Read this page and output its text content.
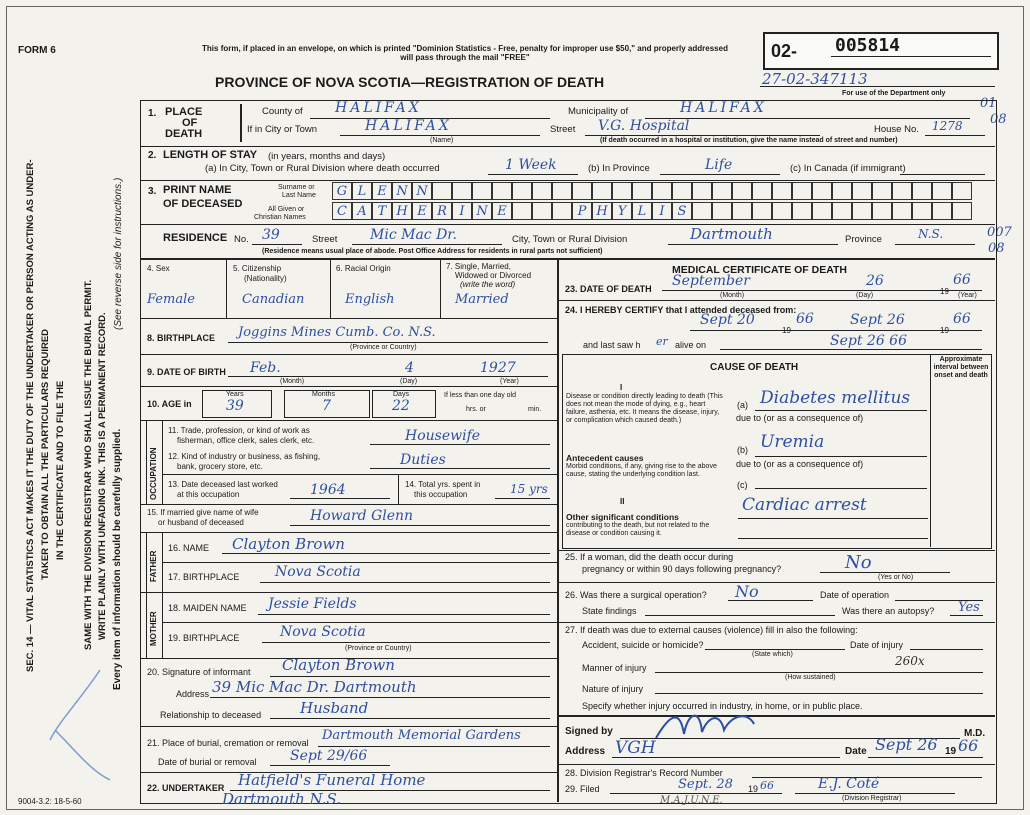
FORM 6	This form, if placed in an envelope, on which is printed "Dominion Statistics - Free, penalty for improper use $50," and properly addressed will pass through the mail "FREE"
PROVINCE OF NOVA SCOTIA—REGISTRATION OF DEATH
02- 005814
27-02-347113
For use of the Department only
01
08
007
08
SEC. 14 — VITAL STATISTICS ACT MAKES IT THE DUTY OF THE UNDERTAKER OR PERSON ACTING AS UNDER- TAKER TO OBTAIN ALL THE PARTICULARS REQUIRED IN THE CERTIFICATE AND TO FILE THE SAME WITH THE DIVISION REGISTRAR WHO SHALL ISSUE THE BURIAL PERMIT. WRITE PLAINLY WITH UNFADING INK. THIS IS A PERMANENT RECORD.
(See reverse side for instructions.)
Every item of information should be carefully supplied.
1. PLACE
OF
DEATH
County of HALIFAX	Municipality of	HALIFAX
If in City or Town	HALIFAX
(Name)
Street V.G. Hospital	House No. 1278
(If death occurred in a hospital or institution, give the name instead of street and number)
2. LENGTH OF STAY (in years, months and days)
(a) In City, Town or Rural Division where death occurred	1 Week	(b) In Province	Life	(c) In Canada (if immigrant)
3. PRINT NAME
OF DECEASED
Surname or
Last Name
All Given or
Christian Names
G L E N N
C A T H E R I N E	P H Y L	I S
RESIDENCE No. 39	Street Mic Mac Dr.	City, Town or Rural Division	Dartmouth	Province	N.S.
(Residence means usual place of abode. Post Office Address for residents in rural parts not sufficient)
4. Sex
Female
5. Citizenship
(Nationality)
Canadian
6. Racial Origin
English
7. Single, Married,
Widowed or Divorced
(write the word)
Married
8. BIRTHPLACE Joggins Mines Cumb. Co. N.S.
(Province or Country)
9. DATE OF BIRTH Feb.	4	1927
(Month)	(Day)	(Year)
10. AGE in
Years	Months	Days
39	7	22
If less than one day old
hrs. or	min.
OCCUPATION
11. Trade, profession, or kind of work as
fisherman, office clerk, sales clerk, etc.	Housewife
12. Kind of industry or business, as fishing,
bank, grocery store, etc.	Duties
13. Date deceased last worked
at this occupation	1964	14. Total yrs. spent in
this occupation	15 yrs
15. If married give name of wife
or husband of deceased	Howard Glenn
FATHER
16. NAME Clayton Brown
17. BIRTHPLACE	Nova Scotia
MOTHER
18. MAIDEN NAME Jessie Fields
19. BIRTHPLACE	Nova Scotia
(Province or Country)
20. Signature of informant Clayton Brown
Address 39 Mic Mac Dr. Dartmouth
Relationship to deceased	Husband
21. Place of burial, cremation or removal Dartmouth Memorial Gardens
Date of burial or removal Sept 29/66
22. UNDERTAKER Hatfield's Funeral Home
Dartmouth N.S.
9004-3.2: 18-5-60
MEDICAL CERTIFICATE OF DEATH
23. DATE OF DEATH September	26
19
66
(Month)	(Day)	(Year)
24. I HEREBY CERTIFY that I attended deceased from:
Sept 20
19
66	Sept 26
19
66
and last saw h er alive on	Sept 26 66
CAUSE OF DEATH
Approximate interval between onset and death
I
Disease or condition directly leading to death (This does not mean the mode of dying, e.g., heart failure, asthenia, etc. It means the disease, injury, or complication which caused death.)
(a) Diabetes mellitus
due to (or as a consequence of)
(b) Uremia
due to (or as a consequence of)
Antecedent causes
Morbid conditions, if any, giving rise to the above cause, stating the underlying condition last.
(c)
II
Other significant conditions
contributing to the death, but not related to the disease or condition causing it.
Cardiac arrest
25. If a woman, did the death occur during
pregnancy or within 90 days following pregnancy?	No
(Yes or No)
26. Was there a surgical operation? No	Date of operation
State findings	Was there an autopsy? Yes
27. If death was due to external causes (violence) fill in also the following:
Accident, suicide or homicide?
(State which)
Date of injury
Manner of injury	260x
(How sustained)
Nature of injury
Specify whether injury occurred in industry, in home, or in public place.
Signed by	M.D.
Address VGH	Date Sept 26 19 66
28. Division Registrar's Record Number
29. Filed	Sept. 28 19 66	E.J. Coté
(Division Registrar)
M.A.J.U.N.E.
